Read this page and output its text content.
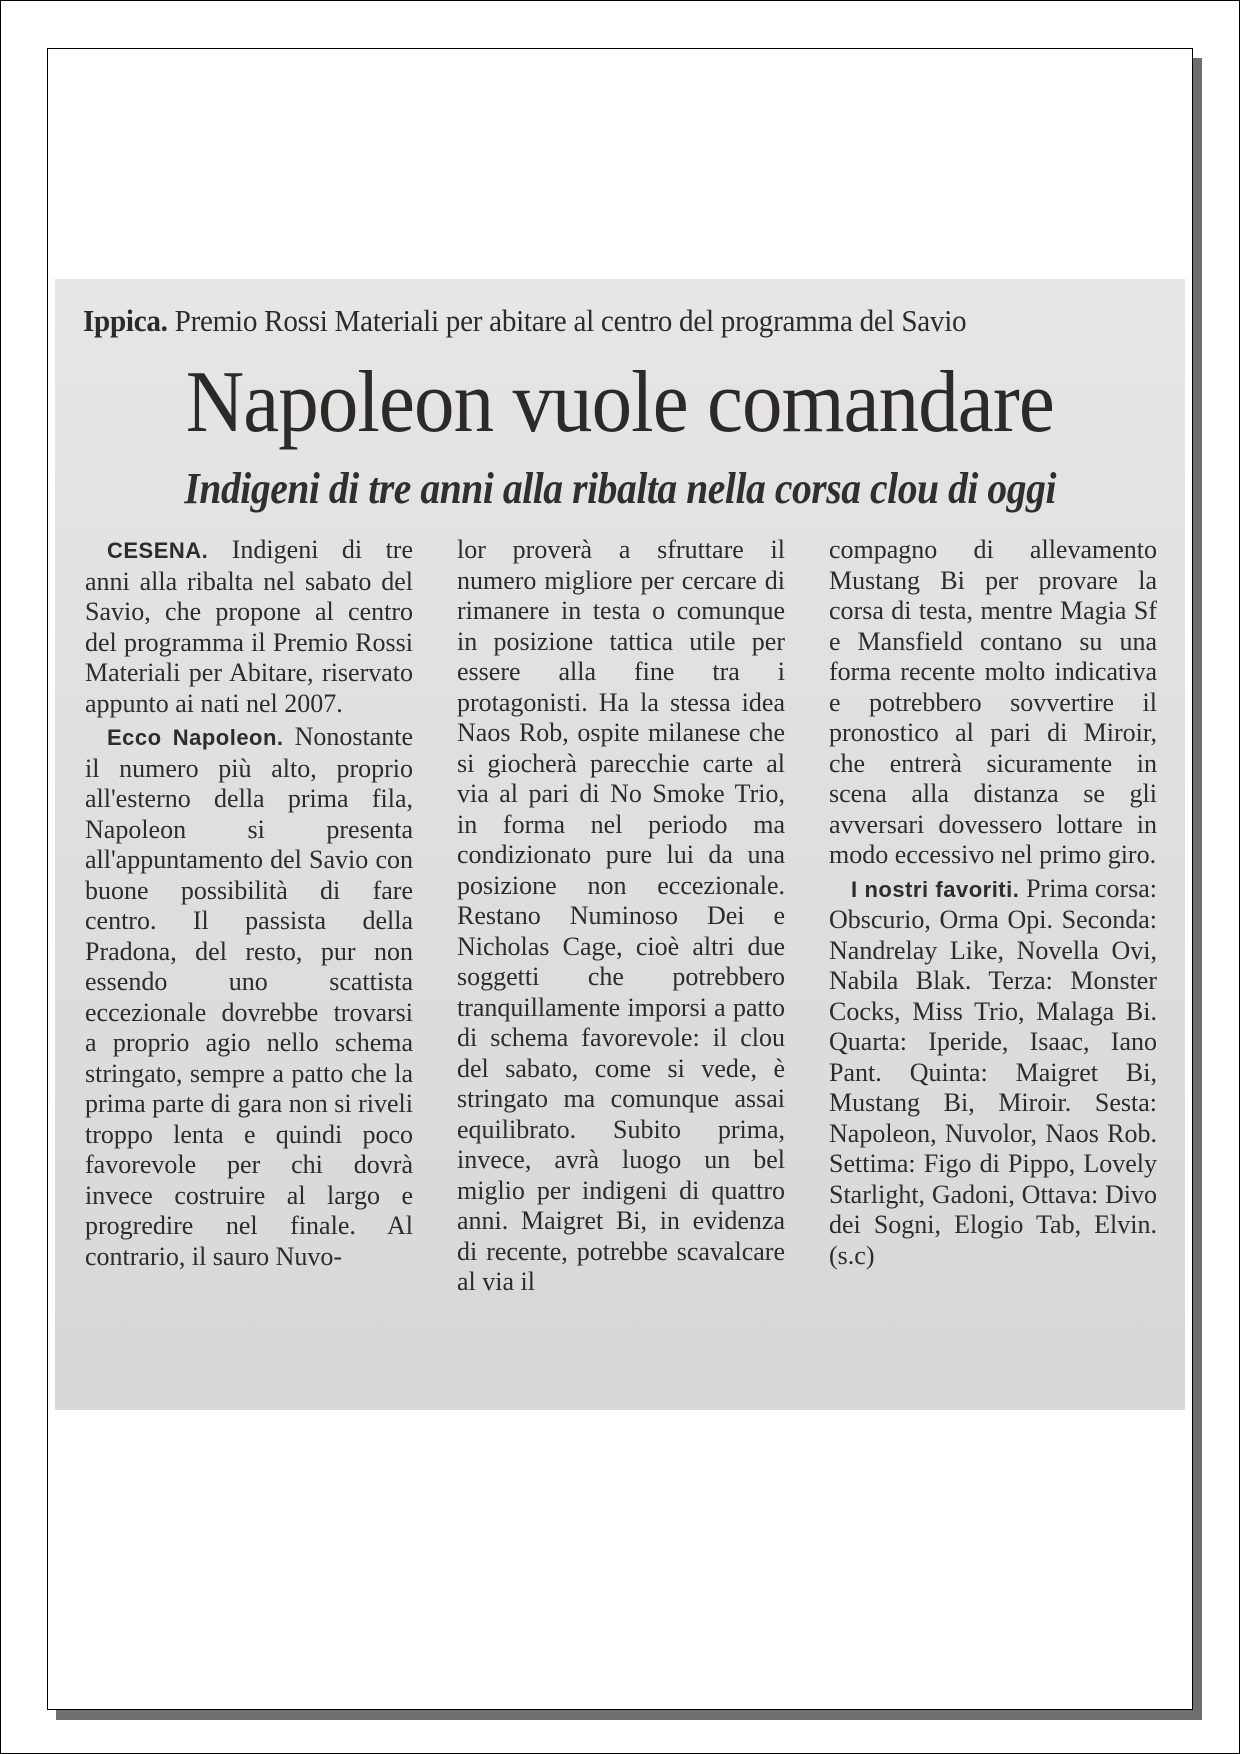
Ippica. Premio Rossi Materiali per abitare al centro del programma del Savio
Napoleon vuole comandare
Indigeni di tre anni alla ribalta nella corsa clou di oggi

CESENA. Indigeni di tre anni alla ribalta nel sabato del Savio, che propone al centro del programma il Premio Rossi Materiali per Abitare, riservato appunto ai nati nel 2007.

Ecco Napoleon. Nonostante il numero più alto, proprio all'esterno della prima fila, Napoleon si presenta all'appuntamento del Savio con buone possibilità di fare centro. Il passista della Pradona, del resto, pur non essendo uno scattista eccezionale dovrebbe trovarsi a proprio agio nello schema stringato, sempre a patto che la prima parte di gara non si riveli troppo lenta e quindi poco favorevole per chi dovrà invece costruire al largo e progredire nel finale. Al contrario, il sauro Nuvo-

lor proverà a sfruttare il numero migliore per cercare di rimanere in testa o comunque in posizione tattica utile per essere alla fine tra i protagonisti. Ha la stessa idea Naos Rob, ospite milanese che si giocherà parecchie carte al via al pari di No Smoke Trio, in forma nel periodo ma condizionato pure lui da una posizione non eccezionale. Restano Numinoso Dei e Nicholas Cage, cioè altri due soggetti che potrebbero tranquillamente imporsi a patto di schema favorevole: il clou del sabato, come si vede, è stringato ma comunque assai equilibrato. Subito prima, invece, avrà luogo un bel miglio per indigeni di quattro anni. Maigret Bi, in evidenza di recente, potrebbe scavalcare al via il

compagno di allevamento Mustang Bi per provare la corsa di testa, mentre Magia Sf e Mansfield contano su una forma recente molto indicativa e potrebbero sovvertire il pronostico al pari di Miroir, che entrerà sicuramente in scena alla distanza se gli avversari dovessero lottare in modo eccessivo nel primo giro.

I nostri favoriti. Prima corsa: Obscurio, Orma Opi. Seconda: Nandrelay Like, Novella Ovi, Nabila Blak. Terza: Monster Cocks, Miss Trio, Malaga Bi. Quarta: Iperide, Isaac, Iano Pant. Quinta: Maigret Bi, Mustang Bi, Miroir. Sesta: Napoleon, Nuvolor, Naos Rob. Settima: Figo di Pippo, Lovely Starlight, Gadoni, Ottava: Divo dei Sogni, Elogio Tab, Elvin. (s.c)
